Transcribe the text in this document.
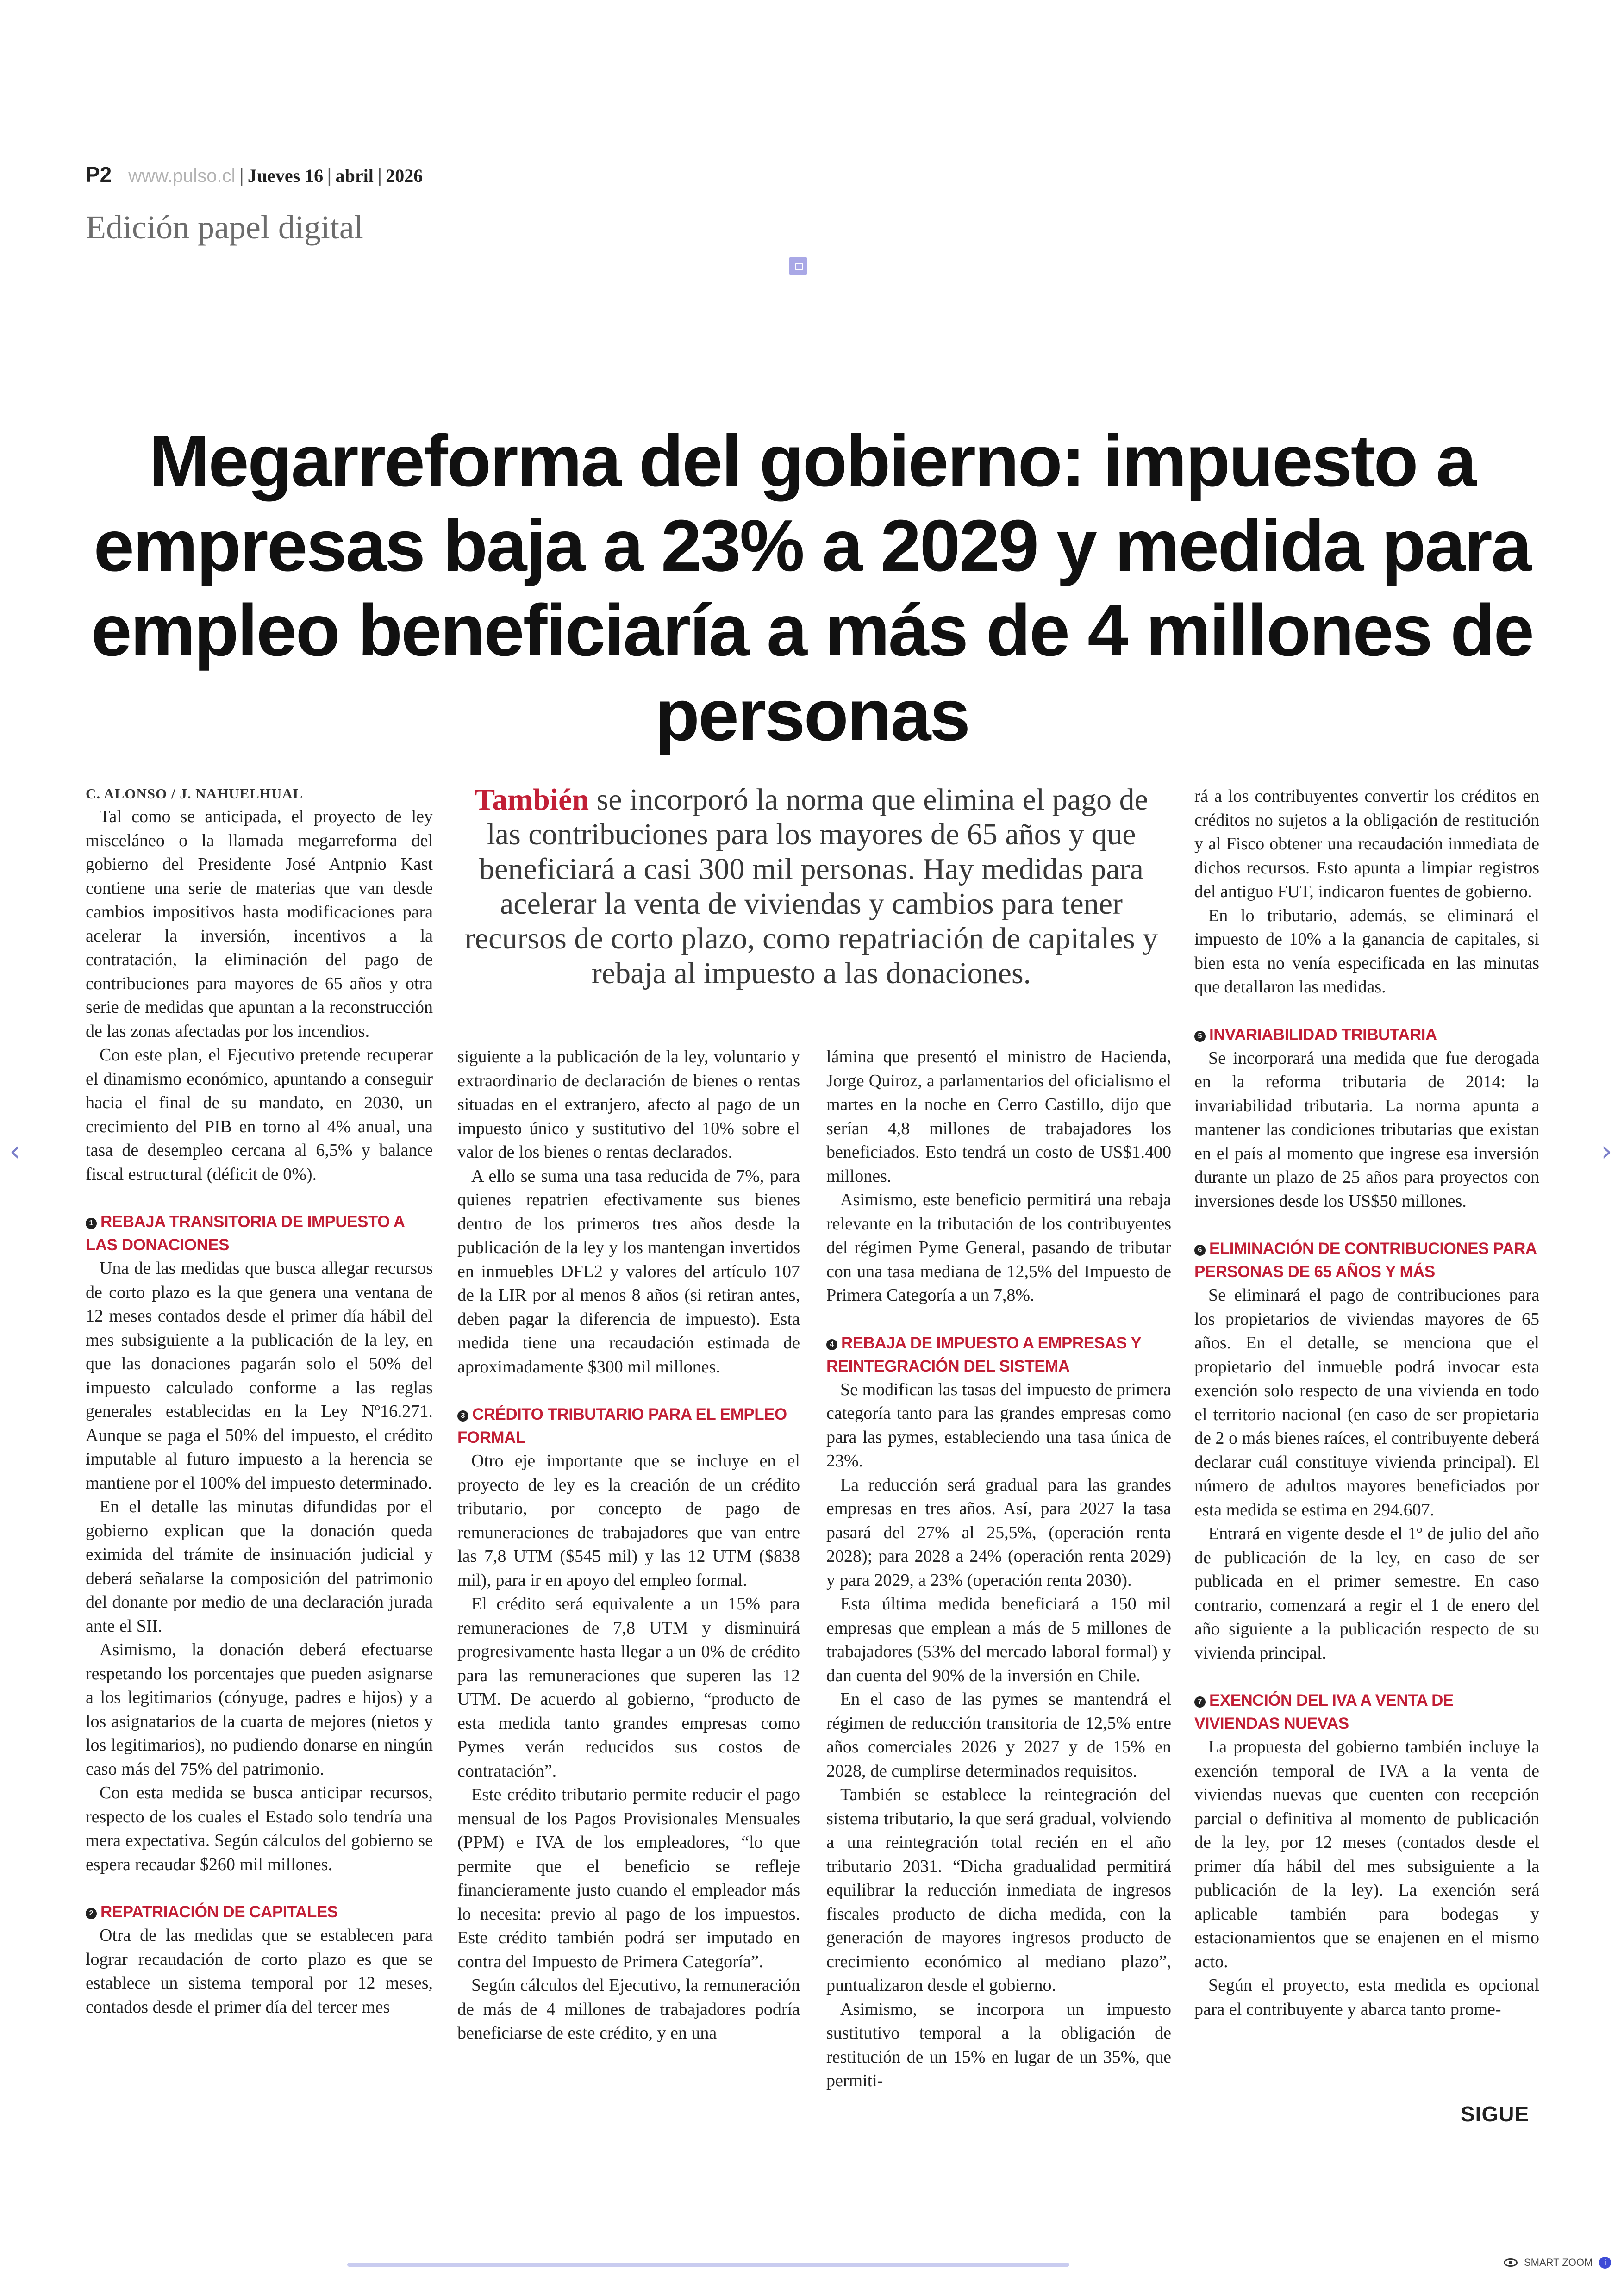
P2 www.pulso.cl | Jueves 16 | abril | 2026
Edición papel digital
Megarreforma del gobierno: impuesto a empresas baja a 23% a 2029 y medida para empleo beneficiaría a más de 4 millones de personas
También se incorporó la norma que elimina el pago de las contribuciones para los mayores de 65 años y que beneficiará a casi 300 mil personas. Hay medidas para acelerar la venta de viviendas y cambios para tener recursos de corto plazo, como repatriación de capitales y rebaja al impuesto a las donaciones.
C. ALONSO / J. NAHUELHUAL

Tal como se anticipada, el proyecto de ley misceláneo o la llamada megarreforma del gobierno del Presidente José Antpnio Kast contiene una serie de materias que van desde cambios impositivos hasta modificaciones para acelerar la inversión, incentivos a la contratación, la eliminación del pago de contribuciones para mayores de 65 años y otra serie de medidas que apuntan a la reconstrucción de las zonas afectadas por los incendios.

Con este plan, el Ejecutivo pretende recuperar el dinamismo económico, apuntando a conseguir hacia el final de su mandato, en 2030, un crecimiento del PIB en torno al 4% anual, una tasa de desempleo cercana al 6,5% y balance fiscal estructural (déficit de 0%).

1 REBAJA TRANSITORIA DE IMPUESTO A LAS DONACIONES

Una de las medidas que busca allegar recursos de corto plazo es la que genera una ventana de 12 meses contados desde el primer día hábil del mes subsiguiente a la publicación de la ley, en que las donaciones pagarán solo el 50% del impuesto calculado conforme a las reglas generales establecidas en la Ley Nº16.271. Aunque se paga el 50% del impuesto, el crédito imputable al futuro impuesto a la herencia se mantiene por el 100% del impuesto determinado.

En el detalle las minutas difundidas por el gobierno explican que la donación queda eximida del trámite de insinuación judicial y deberá señalarse la composición del patrimonio del donante por medio de una declaración jurada ante el SII.

Asimismo, la donación deberá efectuarse respetando los porcentajes que pueden asignarse a los legitimarios (cónyuge, padres e hijos) y a los asignatarios de la cuarta de mejores (nietos y los legitimarios), no pudiendo donarse en ningún caso más del 75% del patrimonio.

Con esta medida se busca anticipar recursos, respecto de los cuales el Estado solo tendría una mera expectativa. Según cálculos del gobierno se espera recaudar $260 mil millones.

2 REPATRIACIÓN DE CAPITALES

Otra de las medidas que se establecen para lograr recaudación de corto plazo es que se establece un sistema temporal por 12 meses, contados desde el primer día del tercer mes

siguiente a la publicación de la ley, voluntario y extraordinario de declaración de bienes o rentas situadas en el extranjero, afecto al pago de un impuesto único y sustitutivo del 10% sobre el valor de los bienes o rentas declarados.

A ello se suma una tasa reducida de 7%, para quienes repatrien efectivamente sus bienes dentro de los primeros tres años desde la publicación de la ley y los mantengan invertidos en inmuebles DFL2 y valores del artículo 107 de la LIR por al menos 8 años (si retiran antes, deben pagar la diferencia de impuesto). Esta medida tiene una recaudación estimada de aproximadamente $300 mil millones.

3 CRÉDITO TRIBUTARIO PARA EL EMPLEO FORMAL

Otro eje importante que se incluye en el proyecto de ley es la creación de un crédito tributario, por concepto de pago de remuneraciones de trabajadores que van entre las 7,8 UTM ($545 mil) y las 12 UTM ($838 mil), para ir en apoyo del empleo formal.

El crédito será equivalente a un 15% para remuneraciones de 7,8 UTM y disminuirá progresivamente hasta llegar a un 0% de crédito para las remuneraciones que superen las 12 UTM. De acuerdo al gobierno, “producto de esta medida tanto grandes empresas como Pymes verán reducidos sus costos de contratación”.

Este crédito tributario permite reducir el pago mensual de los Pagos Provisionales Mensuales (PPM) e IVA de los empleadores, “lo que permite que el beneficio se refleje financieramente justo cuando el empleador más lo necesita: previo al pago de los impuestos. Este crédito también podrá ser imputado en contra del Impuesto de Primera Categoría”.

Según cálculos del Ejecutivo, la remuneración de más de 4 millones de trabajadores podría beneficiarse de este crédito, y en una

lámina que presentó el ministro de Hacienda, Jorge Quiroz, a parlamentarios del oficialismo el martes en la noche en Cerro Castillo, dijo que serían 4,8 millones de trabajadores los beneficiados. Esto tendrá un costo de US$1.400 millones.

Asimismo, este beneficio permitirá una rebaja relevante en la tributación de los contribuyentes del régimen Pyme General, pasando de tributar con una tasa mediana de 12,5% del Impuesto de Primera Categoría a un 7,8%.

4 REBAJA DE IMPUESTO A EMPRESAS Y REINTEGRACIÓN DEL SISTEMA

Se modifican las tasas del impuesto de primera categoría tanto para las grandes empresas como para las pymes, estableciendo una tasa única de 23%.

La reducción será gradual para las grandes empresas en tres años. Así, para 2027 la tasa pasará del 27% al 25,5%, (operación renta 2028); para 2028 a 24% (operación renta 2029) y para 2029, a 23% (operación renta 2030).

Esta última medida beneficiará a 150 mil empresas que emplean a más de 5 millones de trabajadores (53% del mercado laboral formal) y dan cuenta del 90% de la inversión en Chile.

En el caso de las pymes se mantendrá el régimen de reducción transitoria de 12,5% entre años comerciales 2026 y 2027 y de 15% en 2028, de cumplirse determinados requisitos.

También se establece la reintegración del sistema tributario, la que será gradual, volviendo a una reintegración total recién en el año tributario 2031. “Dicha gradualidad permitirá equilibrar la reducción inmediata de ingresos fiscales producto de dicha medida, con la generación de mayores ingresos producto de crecimiento económico al mediano plazo”, puntualizaron desde el gobierno.

Asimismo, se incorpora un impuesto sustitutivo temporal a la obligación de restitución de un 15% en lugar de un 35%, que permiti-

rá a los contribuyentes convertir los créditos en créditos no sujetos a la obligación de restitución y al Fisco obtener una recaudación inmediata de dichos recursos. Esto apunta a limpiar registros del antiguo FUT, indicaron fuentes de gobierno.

En lo tributario, además, se eliminará el impuesto de 10% a la ganancia de capitales, si bien esta no venía especificada en las minutas que detallaron las medidas.

5 INVARIABILIDAD TRIBUTARIA

Se incorporará una medida que fue derogada en la reforma tributaria de 2014: la invariabilidad tributaria. La norma apunta a mantener las condiciones tributarias que existan en el país al momento que ingrese esa inversión durante un plazo de 25 años para proyectos con inversiones desde los US$50 millones.

6 ELIMINACIÓN DE CONTRIBUCIONES PARA PERSONAS DE 65 AÑOS Y MÁS

Se eliminará el pago de contribuciones para los propietarios de viviendas mayores de 65 años. En el detalle, se menciona que el propietario del inmueble podrá invocar esta exención solo respecto de una vivienda en todo el territorio nacional (en caso de ser propietaria de 2 o más bienes raíces, el contribuyente deberá declarar cuál constituye vivienda principal). El número de adultos mayores beneficiados por esta medida se estima en 294.607.

Entrará en vigente desde el 1º de julio del año de publicación de la ley, en caso de ser publicada en el primer semestre. En caso contrario, comenzará a regir el 1 de enero del año siguiente a la publicación respecto de su vivienda principal.

7 EXENCIÓN DEL IVA A VENTA DE VIVIENDAS NUEVAS

La propuesta del gobierno también incluye la exención temporal de IVA a la venta de viviendas nuevas que cuenten con recepción parcial o definitiva al momento de publicación de la ley, por 12 meses (contados desde el primer día hábil del mes subsiguiente a la publicación de la ley). La exención será aplicable también para bodegas y estacionamientos que se enajenen en el mismo acto.

Según el proyecto, esta medida es opcional para el contribuyente y abarca tanto prome-

SIGUE
‹	›
SMART ZOOM	i
